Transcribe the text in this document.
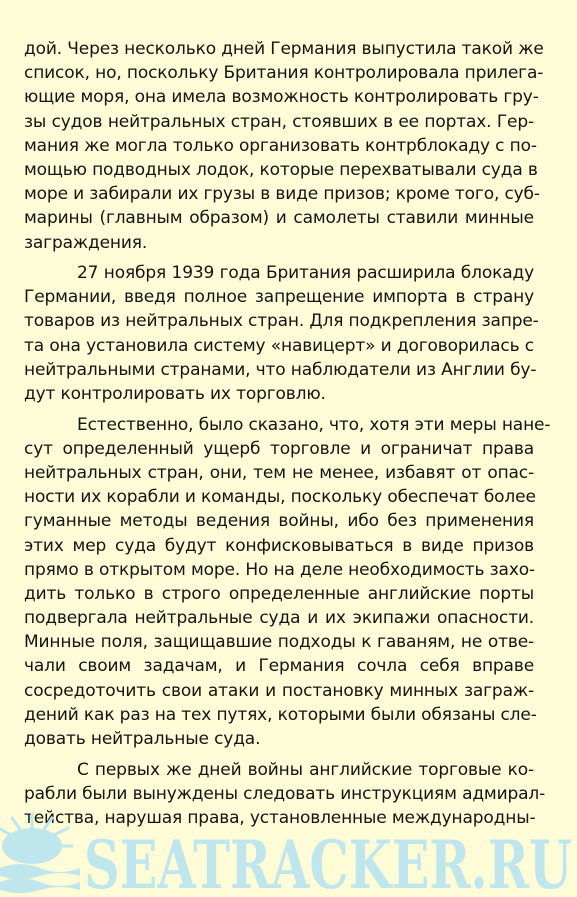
дой. Через несколько дней Германия выпустила такой же
список, но, поскольку Британия контролировала прилега-
ющие моря, она имела возможность контролировать гру-
зы судов нейтральных стран, стоявших в ее портах. Гер-
мания же могла только организовать контрблокаду с по-
мощью подводных лодок, которые перехватывали суда в
море и забирали их грузы в виде призов; кроме того, суб-
марины (главным образом) и самолеты ставили минные
заграждения.
27 ноября 1939 года Британия расширила блокаду
Германии, введя полное запрещение импорта в страну
товаров из нейтральных стран. Для подкрепления запре-
та она установила систему «навицерт» и договорилась с
нейтральными странами, что наблюдатели из Англии бу-
дут контролировать их торговлю.
Естественно, было сказано, что, хотя эти меры нане-
сут определенный ущерб торговле и ограничат права
нейтральных стран, они, тем не менее, избавят от опас-
ности их корабли и команды, поскольку обеспечат более
гуманные методы ведения войны, ибо без применения
этих мер суда будут конфисковываться в виде призов
прямо в открытом море. Но на деле необходимость захо-
дить только в строго определенные английские порты
подвергала нейтральные суда и их экипажи опасности.
Минные поля, защищавшие подходы к гаваням, не отве-
чали своим задачам, и Германия сочла себя вправе
сосредоточить свои атаки и постановку минных заграж-
дений как раз на тех путях, которыми были обязаны сле-
довать нейтральные суда.
С первых же дней войны английские торговые ко-
рабли были вынуждены следовать инструкциям адмирал-
тейства, нарушая права, установленные международны-
SEATRACKER.RU
